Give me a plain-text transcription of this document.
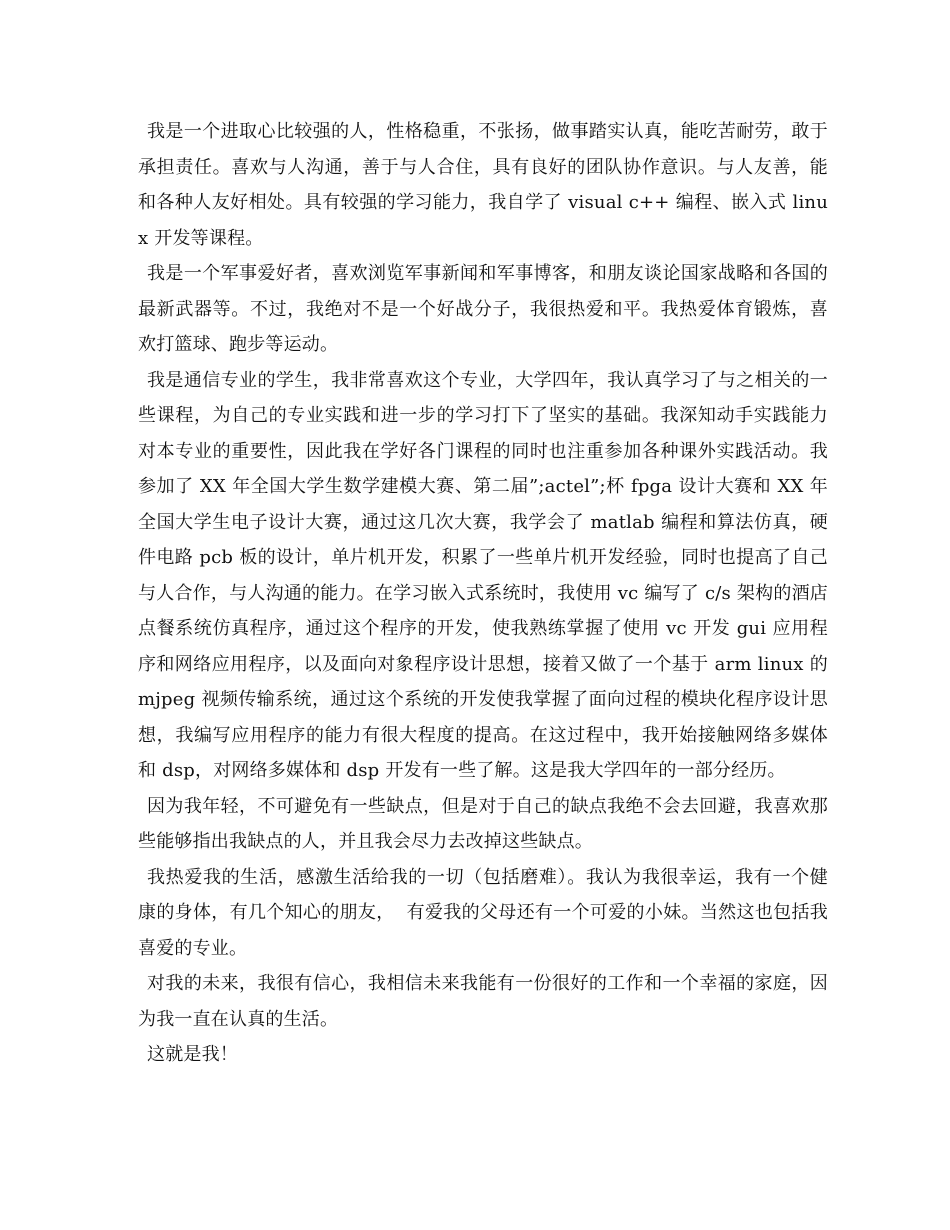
我是一个进取心比较强的人，性格稳重，不张扬，做事踏实认真，能吃苦耐劳，敢于承担责任。喜欢与人沟通，善于与人合住，具有良好的团队协作意识。与人友善，能和各种人友好相处。具有较强的学习能力，我自学了 visual c++ 编程、嵌入式 linux 开发等课程。

我是一个军事爱好者，喜欢浏览军事新闻和军事博客，和朋友谈论国家战略和各国的最新武器等。不过，我绝对不是一个好战分子，我很热爱和平。我热爱体育锻炼，喜欢打篮球、跑步等运动。

我是通信专业的学生，我非常喜欢这个专业，大学四年，我认真学习了与之相关的一些课程，为自己的专业实践和进一步的学习打下了坚实的基础。我深知动手实践能力对本专业的重要性，因此我在学好各门课程的同时也注重参加各种课外实践活动。我参加了 XX 年全国大学生数学建模大赛、第二届”;actel”;杯 fpga 设计大赛和 XX 年全国大学生电子设计大赛，通过这几次大赛，我学会了 matlab 编程和算法仿真，硬件电路 pcb 板的设计，单片机开发，积累了一些单片机开发经验，同时也提高了自己与人合作，与人沟通的能力。在学习嵌入式系统时，我使用 vc 编写了 c/s 架构的酒店点餐系统仿真程序，通过这个程序的开发，使我熟练掌握了使用 vc 开发 gui 应用程序和网络应用程序，以及面向对象程序设计思想，接着又做了一个基于 arm linux 的 mjpeg 视频传输系统，通过这个系统的开发使我掌握了面向过程的模块化程序设计思想，我编写应用程序的能力有很大程度的提高。在这过程中，我开始接触网络多媒体和 dsp，对网络多媒体和 dsp 开发有一些了解。这是我大学四年的一部分经历。

因为我年轻，不可避免有一些缺点，但是对于自己的缺点我绝不会去回避，我喜欢那些能够指出我缺点的人，并且我会尽力去改掉这些缺点。

我热爱我的生活，感激生活给我的一切（包括磨难）。我认为我很幸运，我有一个健康的身体，有几个知心的朋友，  有爱我的父母还有一个可爱的小妹。当然这也包括我喜爱的专业。

对我的未来，我很有信心，我相信未来我能有一份很好的工作和一个幸福的家庭，因为我一直在认真的生活。

这就是我！
